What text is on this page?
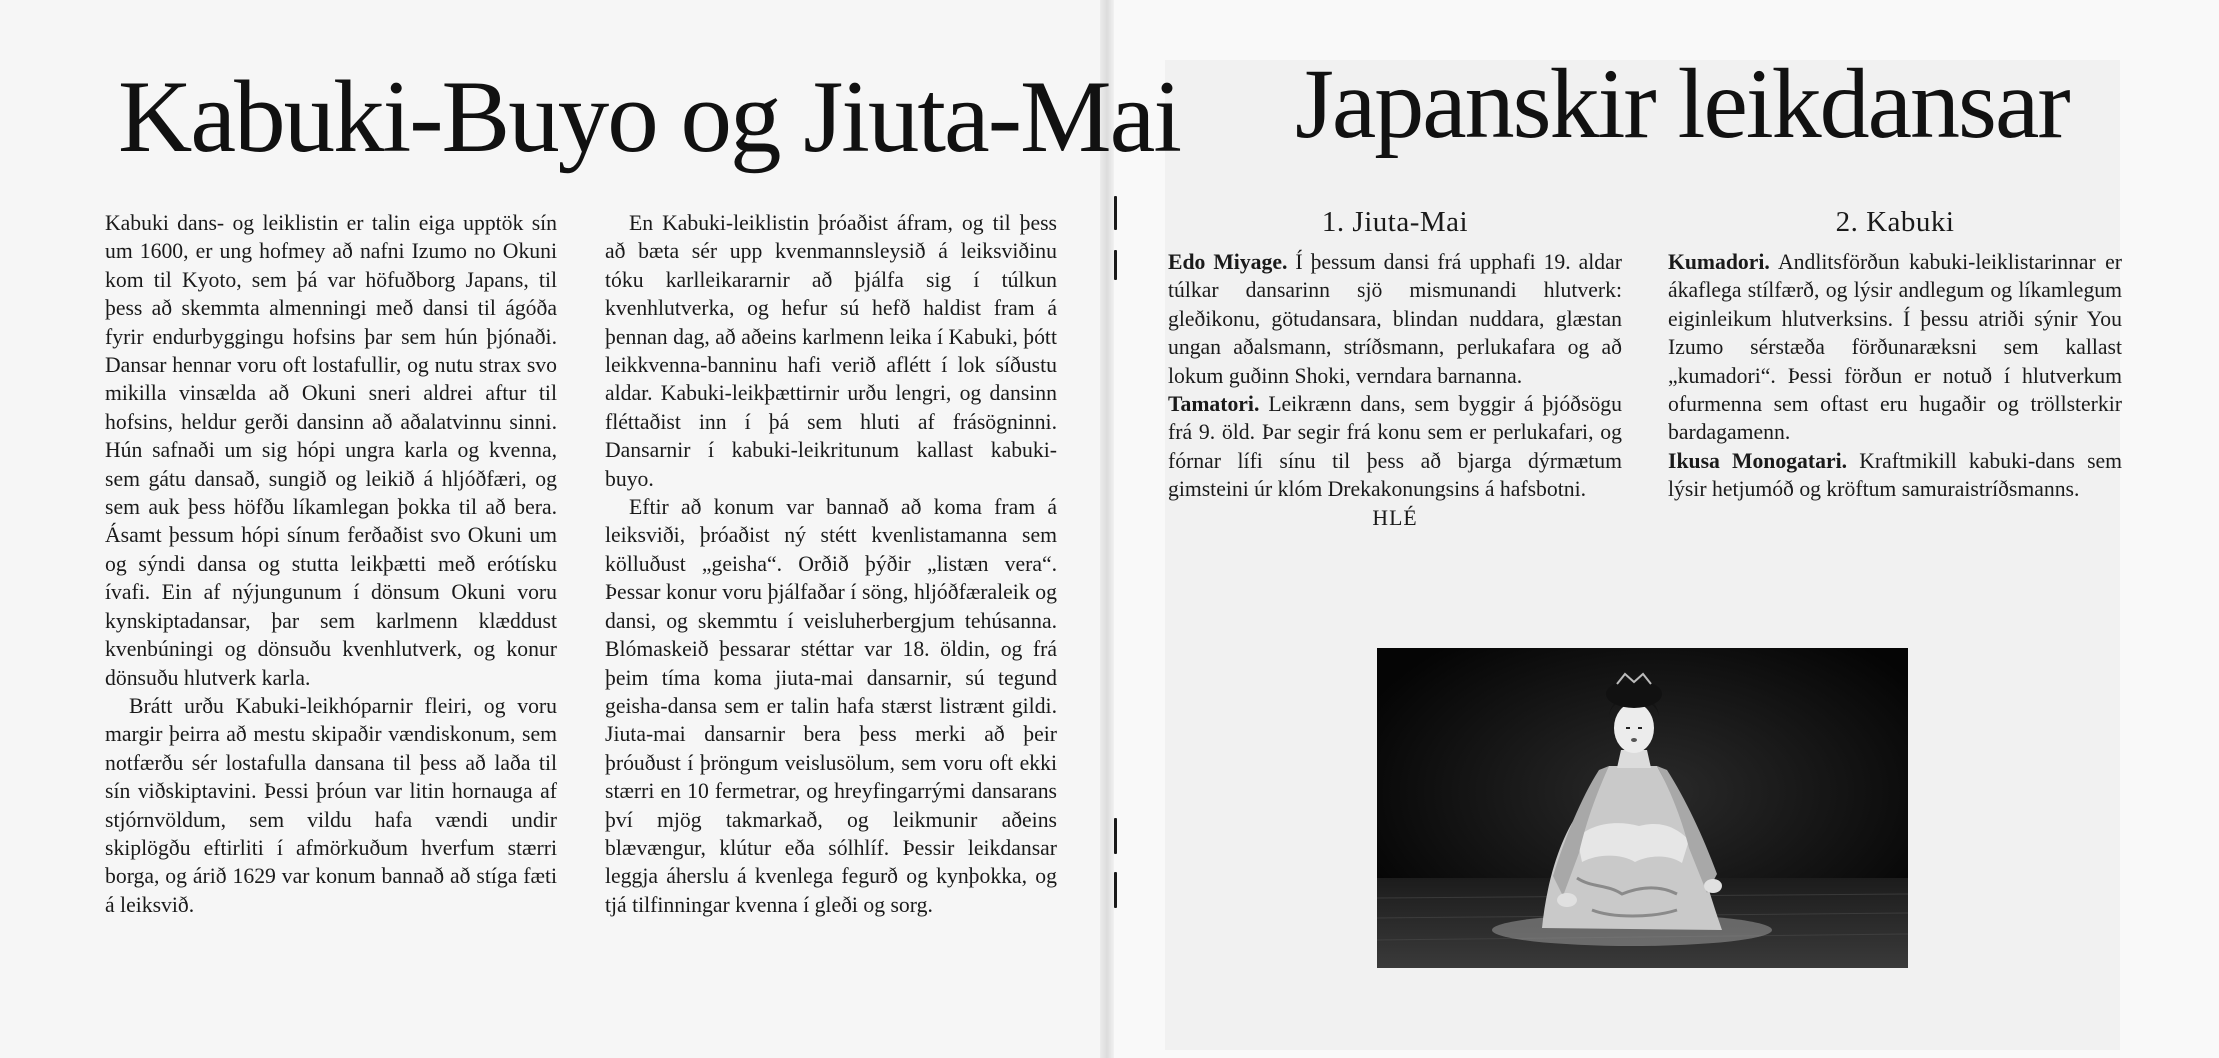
Kabuki-Buyo og Jiuta-Mai

Kabuki dans- og leiklistin er talin eiga upptök sín um 1600, er ung hofmey að nafni Izumo no Okuni kom til Kyoto, sem þá var höfuðborg Japans, til þess að skemmta almenningi með dansi til ágóða fyrir endurbyggingu hofsins þar sem hún þjónaði. Dansar hennar voru oft lostafullir, og nutu strax svo mikilla vinsælda að Okuni sneri aldrei aftur til hofsins, heldur gerði dansinn að aðalatvinnu sinni. Hún safnaði um sig hópi ungra karla og kvenna, sem gátu dansað, sungið og leikið á hljóðfæri, og sem auk þess höfðu líkamlegan þokka til að bera. Ásamt þessum hópi sínum ferðaðist svo Okuni um og sýndi dansa og stutta leikþætti með erótísku ívafi. Ein af nýjungunum í dönsum Okuni voru kynskiptadansar, þar sem karlmenn klæddust kvenbúningi og dönsuðu kvenhlutverk, og konur dönsuðu hlutverk karla.

Brátt urðu Kabuki-leikhóparnir fleiri, og voru margir þeirra að mestu skipaðir vændiskonum, sem notfærðu sér lostafulla dansana til þess að laða til sín viðskiptavini. Þessi þróun var litin hornauga af stjórnvöldum, sem vildu hafa vændi undir skiplögðu eftirliti í afmörkuðum hverfum stærri borga, og árið 1629 var konum bannað að stíga fæti á leiksvið.

En Kabuki-leiklistin þróaðist áfram, og til þess að bæta sér upp kvenmannsleysið á leiksviðinu tóku karlleikararnir að þjálfa sig í túlkun kvenhlutverka, og hefur sú hefð haldist fram á þennan dag, að aðeins karlmenn leika í Kabuki, þótt leikkvenna-banninu hafi verið aflétt í lok síðustu aldar. Kabuki-leikþættirnir urðu lengri, og dansinn fléttaðist inn í þá sem hluti af frásögninni. Dansarnir í kabuki-leikritunum kallast kabuki-buyo.

Eftir að konum var bannað að koma fram á leiksviði, þróaðist ný stétt kvenlistamanna sem kölluðust „geisha“. Orðið þýðir „listæn vera“. Þessar konur voru þjálfaðar í söng, hljóðfæraleik og dansi, og skemmtu í veisluherbergjum tehúsanna. Blómaskeið þessarar stéttar var 18. öldin, og frá þeim tíma koma jiuta-mai dansarnir, sú tegund geisha-dansa sem er talin hafa stærst listrænt gildi. Jiuta-mai dansarnir bera þess merki að þeir þróuðust í þröngum veislusölum, sem voru oft ekki stærri en 10 fermetrar, og hreyfingarrými dansarans því mjög takmarkað, og leikmunir aðeins blævængur, klútur eða sólhlíf. Þessir leikdansar leggja áherslu á kvenlega fegurð og kynþokka, og tjá tilfinningar kvenna í gleði og sorg.

Japanskir leikdansar
1. Jiuta-Mai

Edo Miyage. Í þessum dansi frá upphafi 19. aldar túlkar dansarinn sjö mismunandi hlutverk: gleðikonu, götudansara, blindan nuddara, glæstan ungan aðalsmann, stríðsmann, perlukafara og að lokum guðinn Shoki, verndara barnanna.

Tamatori. Leikrænn dans, sem byggir á þjóðsögu frá 9. öld. Þar segir frá konu sem er perlukafari, og fórnar lífi sínu til þess að bjarga dýrmætum gimsteini úr klóm Drekakonungsins á hafsbotni.

HLÉ

2. Kabuki

Kumadori. Andlitsförðun kabuki-leiklistarinnar er ákaflega stílfærð, og lýsir andlegum og líkamlegum eiginleikum hlutverksins. Í þessu atriði sýnir You Izumo sérstæða förðunaræksni sem kallast „kumadori“. Þessi förðun er notuð í hlutverkum ofurmenna sem oftast eru hugaðir og tröllsterkir bardagamenn.

Ikusa Monogatari. Kraftmikill kabuki-dans sem lýsir hetjumóð og kröftum samuraistríðsmanns.
